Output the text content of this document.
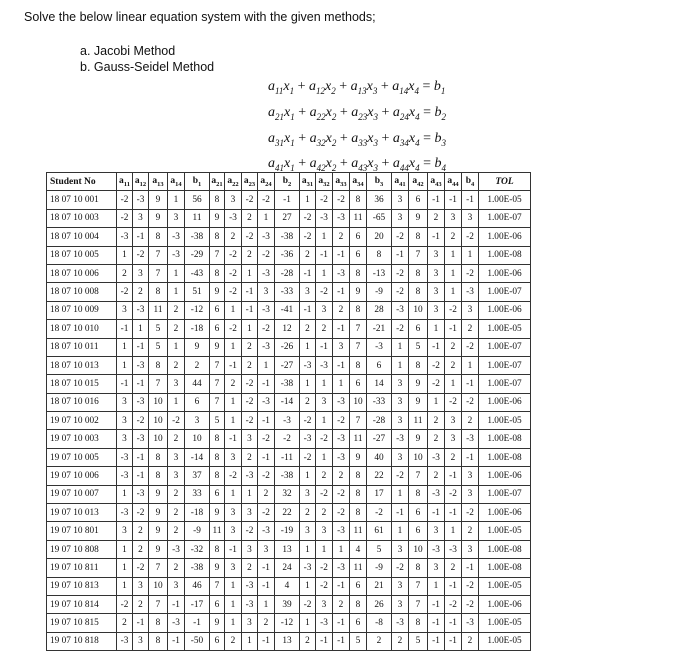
Solve the below linear equation system with the given methods;
a. Jacobi Method
b. Gauss-Seidel Method
$a_{11}x_1 + a_{12}x_2 + a_{13}x_3 + a_{14}x_4 = b_1$
$a_{21}x_1 + a_{22}x_2 + a_{23}x_3 + a_{24}x_4 = b_2$
$a_{31}x_1 + a_{32}x_2 + a_{33}x_3 + a_{34}x_4 = b_3$
$a_{41}x_1 + a_{42}x_2 + a_{43}x_3 + a_{44}x_4 = b_4$
Student No	$a_{11}$	$a_{12}$	$a_{13}$	$a_{14}$	$b_1$	$a_{21}$	$a_{22}$	$a_{23}$	$a_{24}$	$b_2$	$a_{31}$	$a_{32}$	$a_{33}$	$a_{34}$	$b_3$	$a_{41}$	$a_{42}$	$a_{43}$	$a_{44}$	$b_4$	TOL
18 07 10 001	-2	-3	9	1	56	8	3	-2	-2	-1	1	-2	-2	8	36	3	6	-1	-1	-1	1.00E-05
18 07 10 003	-2	3	9	3	11	9	-3	2	1	27	-2	-3	-3	11	-65	3	9	2	3	3	1.00E-07
18 07 10 004	-3	-1	8	-3	-38	8	2	-2	-3	-38	-2	1	2	6	20	-2	8	-1	2	-2	1.00E-06
18 07 10 005	1	-2	7	-3	-29	7	-2	2	-2	-36	2	-1	-1	6	8	-1	7	3	1	1	1.00E-08
18 07 10 006	2	3	7	1	-43	8	-2	1	-3	-28	-1	1	-3	8	-13	-2	8	3	1	-2	1.00E-06
18 07 10 008	-2	2	8	1	51	9	-2	-1	3	-33	3	-2	-1	9	-9	-2	8	3	1	-3	1.00E-07
18 07 10 009	3	-3	11	2	-12	6	1	-1	-3	-41	-1	3	2	8	28	-3	10	3	-2	3	1.00E-06
18 07 10 010	-1	1	5	2	-18	6	-2	1	-2	12	2	2	-1	7	-21	-2	6	1	-1	2	1.00E-05
18 07 10 011	1	-1	5	1	9	9	1	2	-3	-26	1	-1	3	7	-3	1	5	-1	2	-2	1.00E-07
18 07 10 013	1	-3	8	2	2	7	-1	2	1	-27	-3	-3	-1	8	6	1	8	-2	2	1	1.00E-07
18 07 10 015	-1	-1	7	3	44	7	2	-2	-1	-38	1	1	1	6	14	3	9	-2	1	-1	1.00E-07
18 07 10 016	3	-3	10	1	6	7	1	-2	-3	-14	2	3	-3	10	-33	3	9	1	-2	-2	1.00E-06
19 07 10 002	3	-2	10	-2	3	5	1	-2	-1	-3	-2	1	-2	7	-28	3	11	2	3	2	1.00E-05
19 07 10 003	3	-3	10	2	10	8	-1	3	-2	-2	-3	-2	-3	11	-27	-3	9	2	3	-3	1.00E-08
19 07 10 005	-3	-1	8	3	-14	8	3	2	-1	-11	-2	1	-3	9	40	3	10	-3	2	-1	1.00E-08
19 07 10 006	-3	-1	8	3	37	8	-2	-3	-2	-38	1	2	2	8	22	-2	7	2	-1	3	1.00E-06
19 07 10 007	1	-3	9	2	33	6	1	1	2	32	3	-2	-2	8	17	1	8	-3	-2	3	1.00E-07
19 07 10 013	-3	-2	9	2	-18	9	3	3	-2	22	2	2	-2	8	-2	-1	6	-1	-1	-2	1.00E-06
19 07 10 801	3	2	9	2	-9	11	3	-2	-3	-19	3	3	-3	11	61	1	6	3	1	2	1.00E-05
19 07 10 808	1	2	9	-3	-32	8	-1	3	3	13	1	1	1	4	5	3	10	-3	-3	3	1.00E-08
19 07 10 811	1	-2	7	2	-38	9	3	2	-1	24	-3	-2	-3	11	-9	-2	8	3	2	-1	1.00E-08
19 07 10 813	1	3	10	3	46	7	1	-3	-1	4	1	-2	-1	6	21	3	7	1	-1	-2	1.00E-05
19 07 10 814	-2	2	7	-1	-17	6	1	-3	1	39	-2	3	2	8	26	3	7	-1	-2	-2	1.00E-06
19 07 10 815	2	-1	8	-3	-1	9	1	3	2	-12	1	-3	-1	6	-8	-3	8	-1	-1	-3	1.00E-05
19 07 10 818	-3	3	8	-1	-50	6	2	1	-1	13	2	-1	-1	5	2	2	5	-1	-1	2	1.00E-05
